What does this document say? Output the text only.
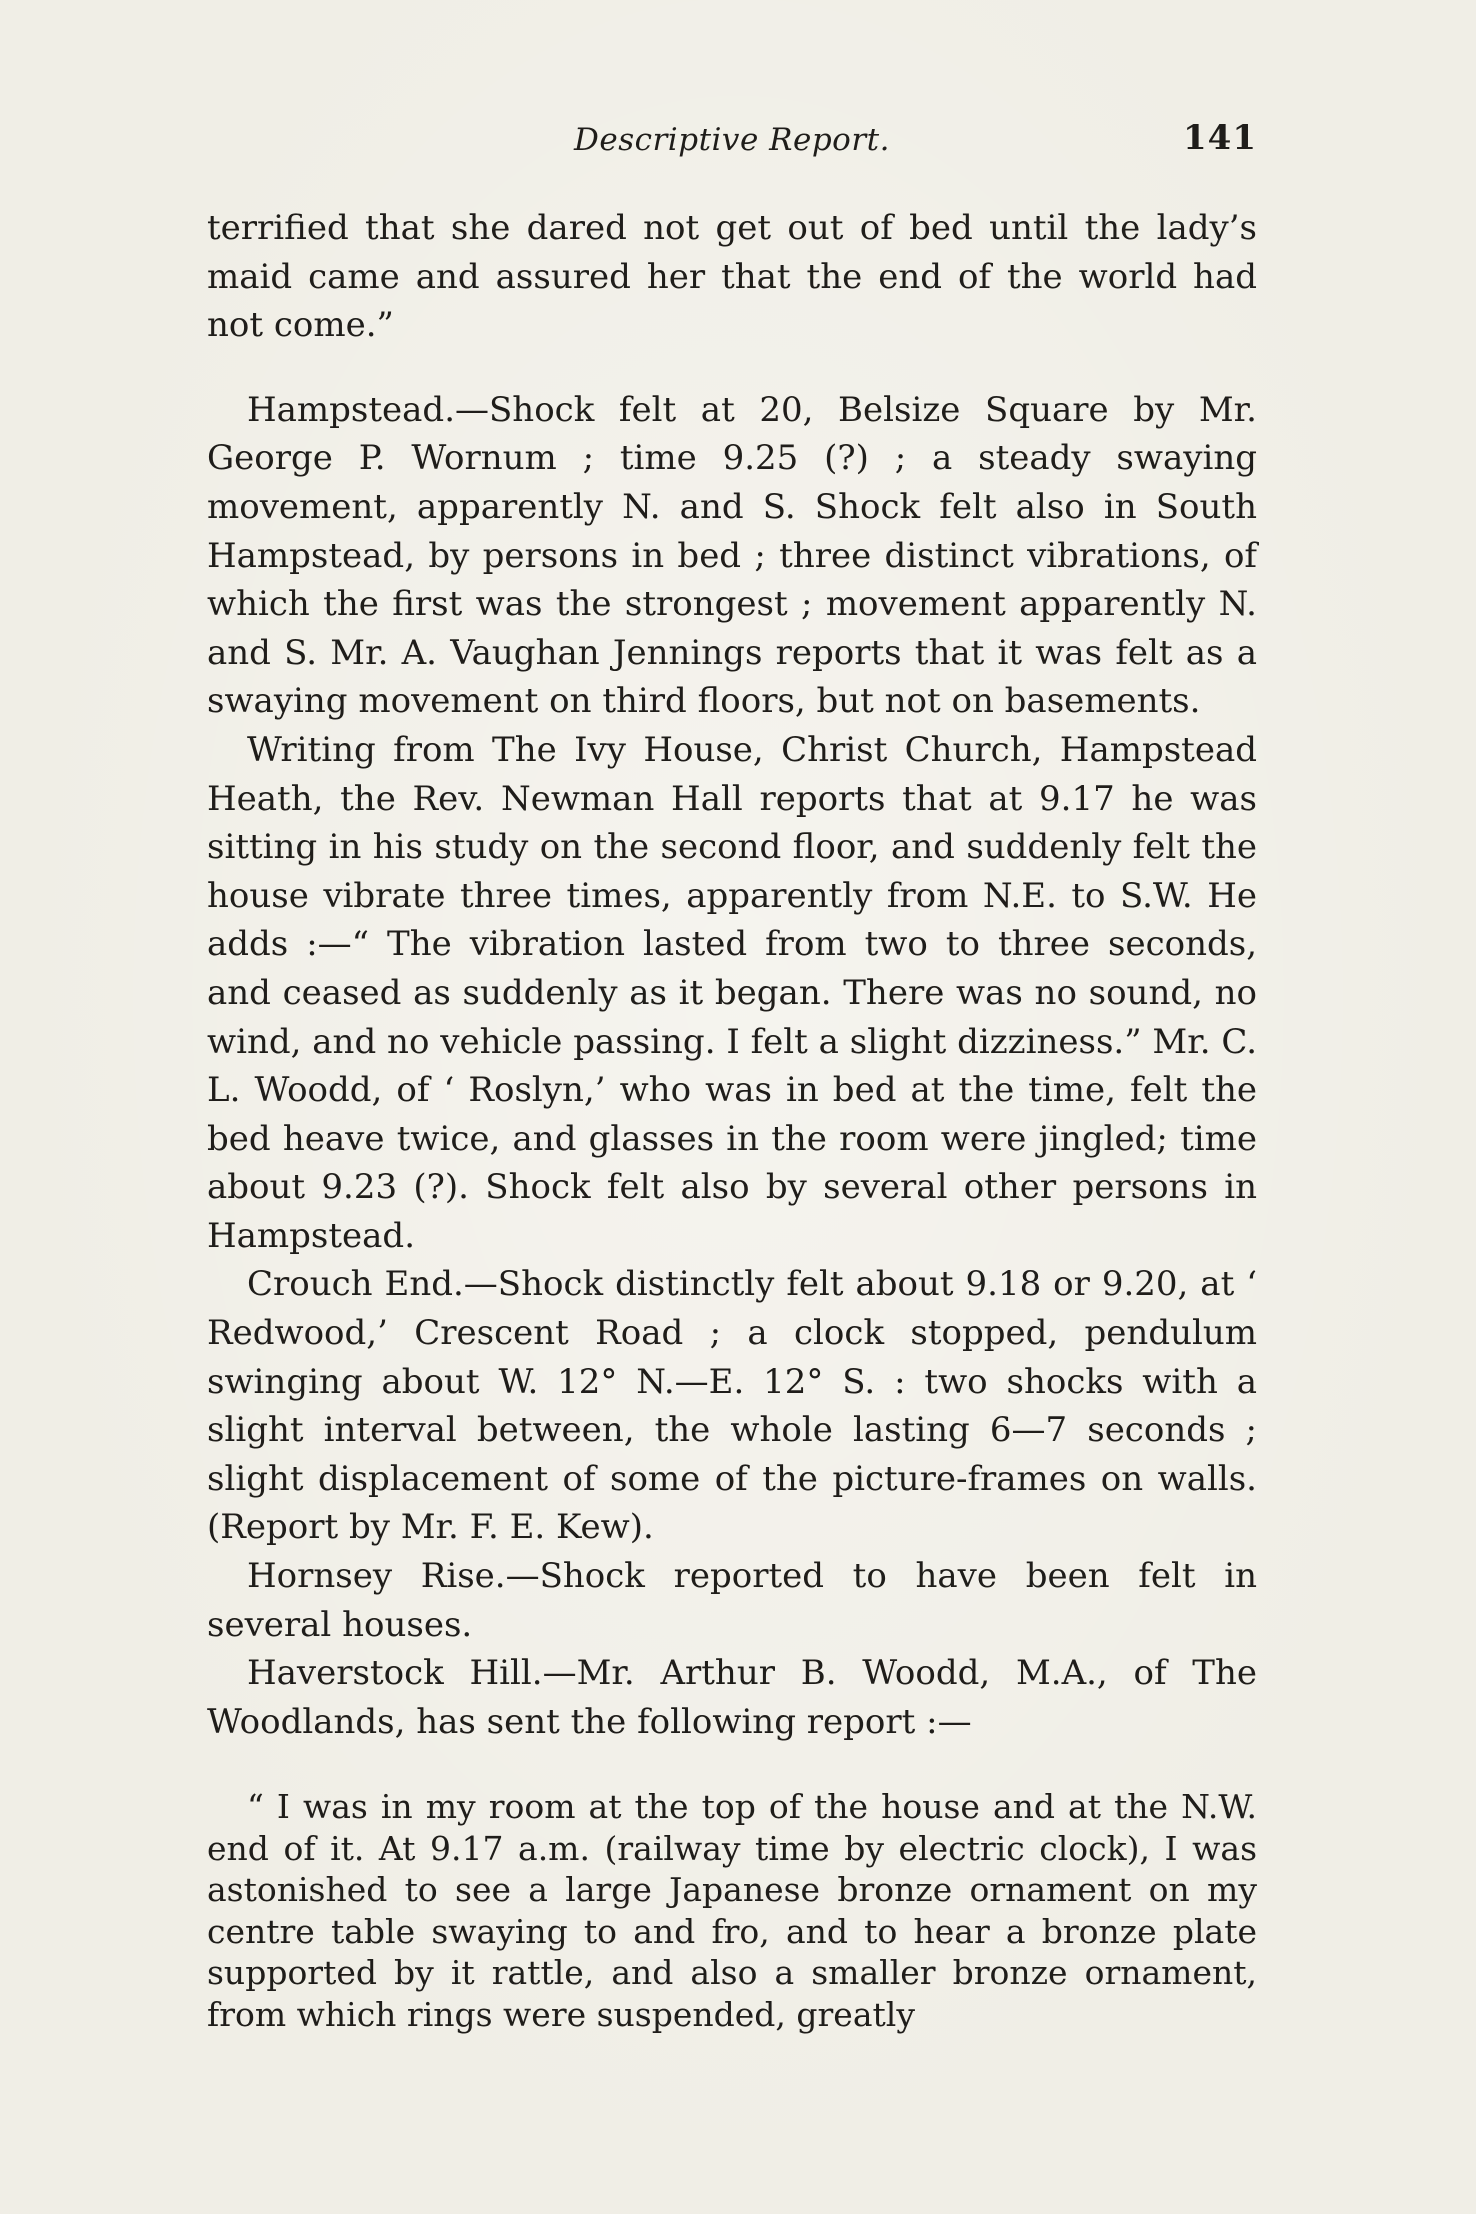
Descriptive Report.	141

terrified that she dared not get out of bed until the lady’s maid came and assured her that the end of the world had not come.”

Hampstead.—Shock felt at 20, Belsize Square by Mr. George P. Wornum ; time 9.25 (?) ; a steady swaying movement, apparently N. and S. Shock felt also in South Hampstead, by persons in bed ; three distinct vibrations, of which the first was the strongest ; movement apparently N. and S. Mr. A. Vaughan Jennings reports that it was felt as a swaying movement on third floors, but not on basements.

Writing from The Ivy House, Christ Church, Hampstead Heath, the Rev. Newman Hall reports that at 9.17 he was sitting in his study on the second floor, and suddenly felt the house vibrate three times, apparently from N.E. to S.W. He adds :—“ The vibration lasted from two to three seconds, and ceased as suddenly as it began. There was no sound, no wind, and no vehicle passing. I felt a slight dizziness.” Mr. C. L. Woodd, of ‘ Roslyn,’ who was in bed at the time, felt the bed heave twice, and glasses in the room were jingled; time about 9.23 (?). Shock felt also by several other persons in Hampstead.

Crouch End.—Shock distinctly felt about 9.18 or 9.20, at ‘ Redwood,’ Crescent Road ; a clock stopped, pendulum swinging about W. 12° N.—E. 12° S. : two shocks with a slight interval between, the whole lasting 6—7 seconds ; slight displacement of some of the picture-frames on walls. (Report by Mr. F. E. Kew).

Hornsey Rise.—Shock reported to have been felt in several houses.

Haverstock Hill.—Mr. Arthur B. Woodd, M.A., of The Woodlands, has sent the following report :—

“ I was in my room at the top of the house and at the N.W. end of it. At 9.17 a.m. (railway time by electric clock), I was astonished to see a large Japanese bronze ornament on my centre table swaying to and fro, and to hear a bronze plate supported by it rattle, and also a smaller bronze ornament, from which rings were suspended, greatly
